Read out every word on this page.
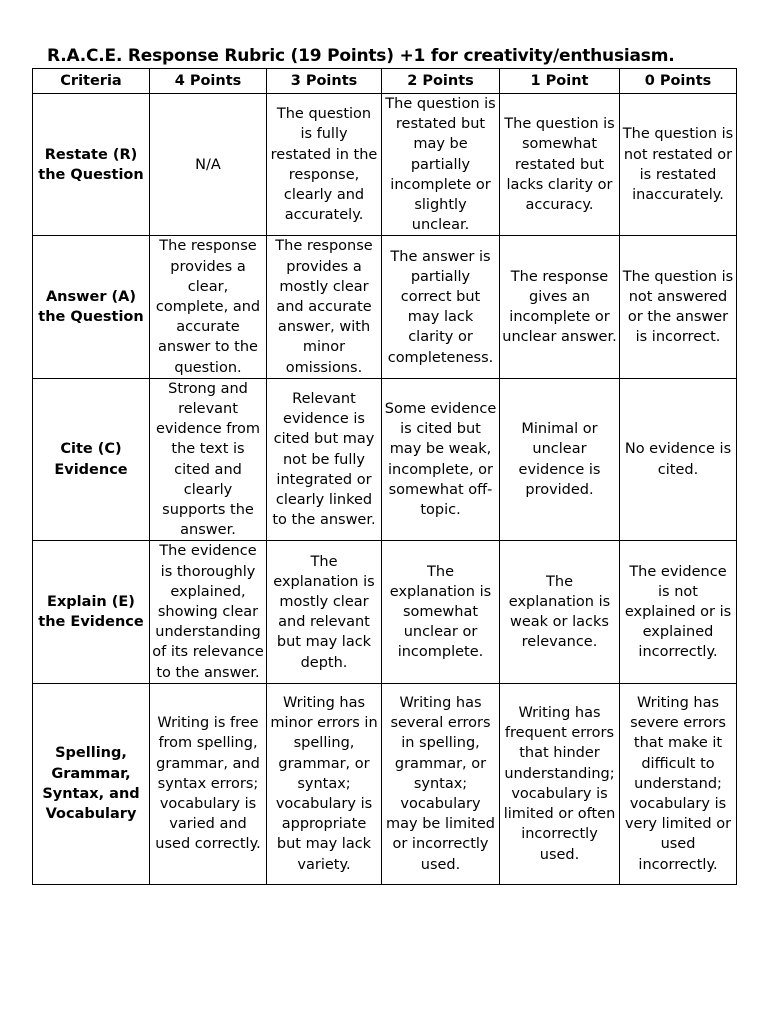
R.A.C.E. Response Rubric (19 Points) +1 for creativity/enthusiasm.
Criteria	4 Points	3 Points	2 Points	1 Point	0 Points
Restate (R) the Question	N/A	The question is fully restated in the response, clearly and accurately.	The question is restated but may be partially incomplete or slightly unclear.	The question is somewhat restated but lacks clarity or accuracy.	The question is not restated or is restated inaccurately.
Answer (A) the Question	The response provides a clear, complete, and accurate answer to the question.	The response provides a mostly clear and accurate answer, with minor omissions.	The answer is partially correct but may lack clarity or completeness.	The response gives an incomplete or unclear answer.	The question is not answered or the answer is incorrect.
Cite (C) Evidence	Strong and relevant evidence from the text is cited and clearly supports the answer.	Relevant evidence is cited but may not be fully integrated or clearly linked to the answer.	Some evidence is cited but may be weak, incomplete, or somewhat off-topic.	Minimal or unclear evidence is provided.	No evidence is cited.
Explain (E) the Evidence	The evidence is thoroughly explained, showing clear understanding of its relevance to the answer.	The explanation is mostly clear and relevant but may lack depth.	The explanation is somewhat unclear or incomplete.	The explanation is weak or lacks relevance.	The evidence is not explained or is explained incorrectly.
Spelling, Grammar, Syntax, and Vocabulary	Writing is free from spelling, grammar, and syntax errors; vocabulary is varied and used correctly.	Writing has minor errors in spelling, grammar, or syntax; vocabulary is appropriate but may lack variety.	Writing has several errors in spelling, grammar, or syntax; vocabulary may be limited or incorrectly used.	Writing has frequent errors that hinder understanding; vocabulary is limited or often incorrectly used.	Writing has severe errors that make it difficult to understand; vocabulary is very limited or used incorrectly.
